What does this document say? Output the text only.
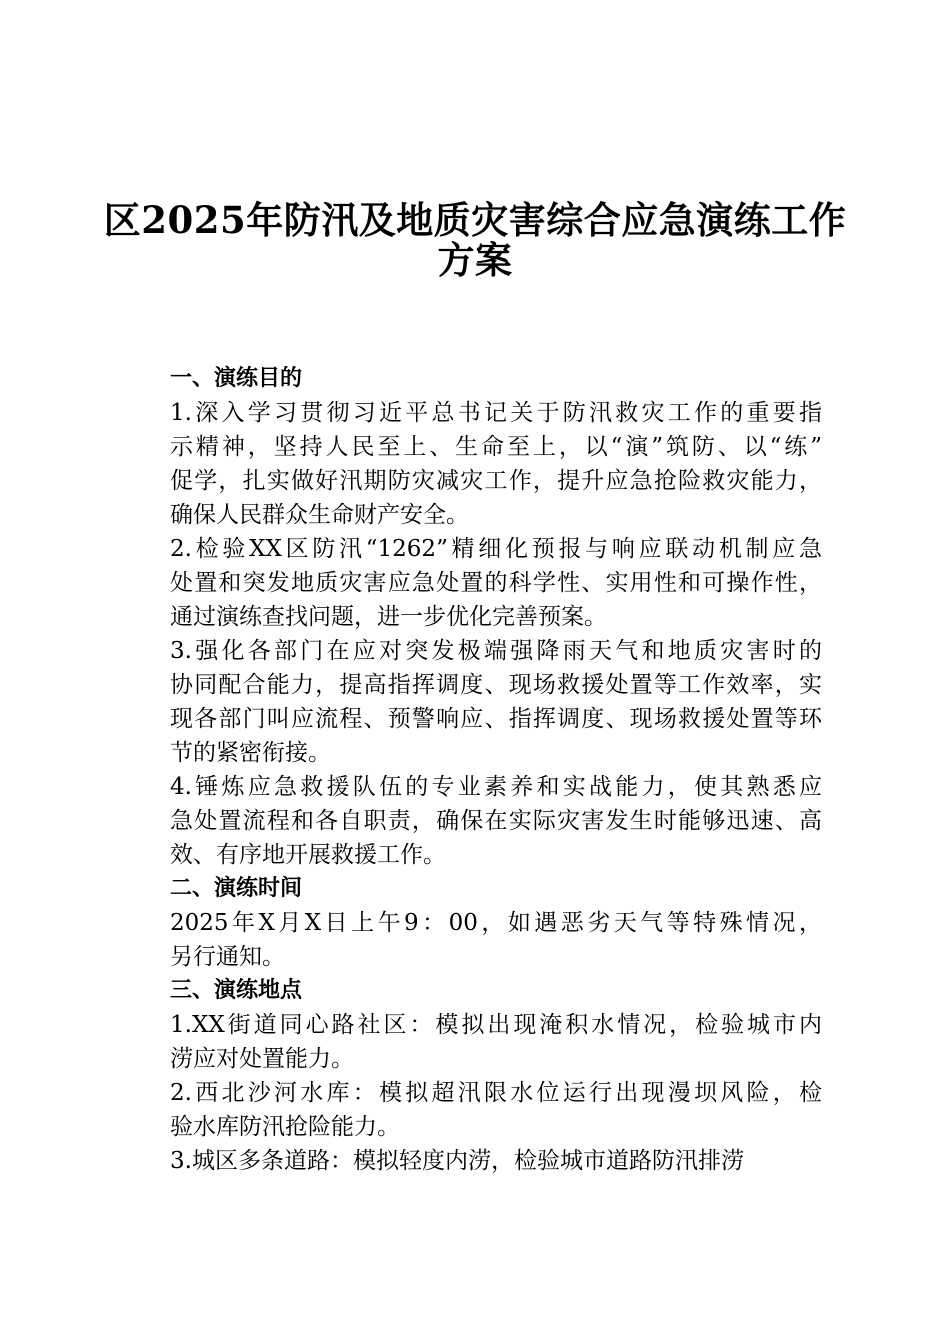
区2025年防汛及地质灾害综合应急演练工作
方案
一、演练目的
1.深入学习贯彻习近平总书记关于防汛救灾工作的重要指
示精神，坚持人民至上、生命至上，以“演”筑防、以“练”
促学，扎实做好汛期防灾减灾工作，提升应急抢险救灾能力，
确保人民群众生命财产安全。
2.检验XX区防汛“1262”精细化预报与响应联动机制应急
处置和突发地质灾害应急处置的科学性、实用性和可操作性，
通过演练查找问题，进一步优化完善预案。
3.强化各部门在应对突发极端强降雨天气和地质灾害时的
协同配合能力，提高指挥调度、现场救援处置等工作效率，实
现各部门叫应流程、预警响应、指挥调度、现场救援处置等环
节的紧密衔接。
4.锤炼应急救援队伍的专业素养和实战能力，使其熟悉应
急处置流程和各自职责，确保在实际灾害发生时能够迅速、高
效、有序地开展救援工作。
二、演练时间
2025年X月X日上午9：00，如遇恶劣天气等特殊情况，
另行通知。
三、演练地点
1.XX街道同心路社区：模拟出现淹积水情况，检验城市内
涝应对处置能力。
2.西北沙河水库：模拟超汛限水位运行出现漫坝风险，检
验水库防汛抢险能力。
3.城区多条道路：模拟轻度内涝，检验城市道路防汛排涝
